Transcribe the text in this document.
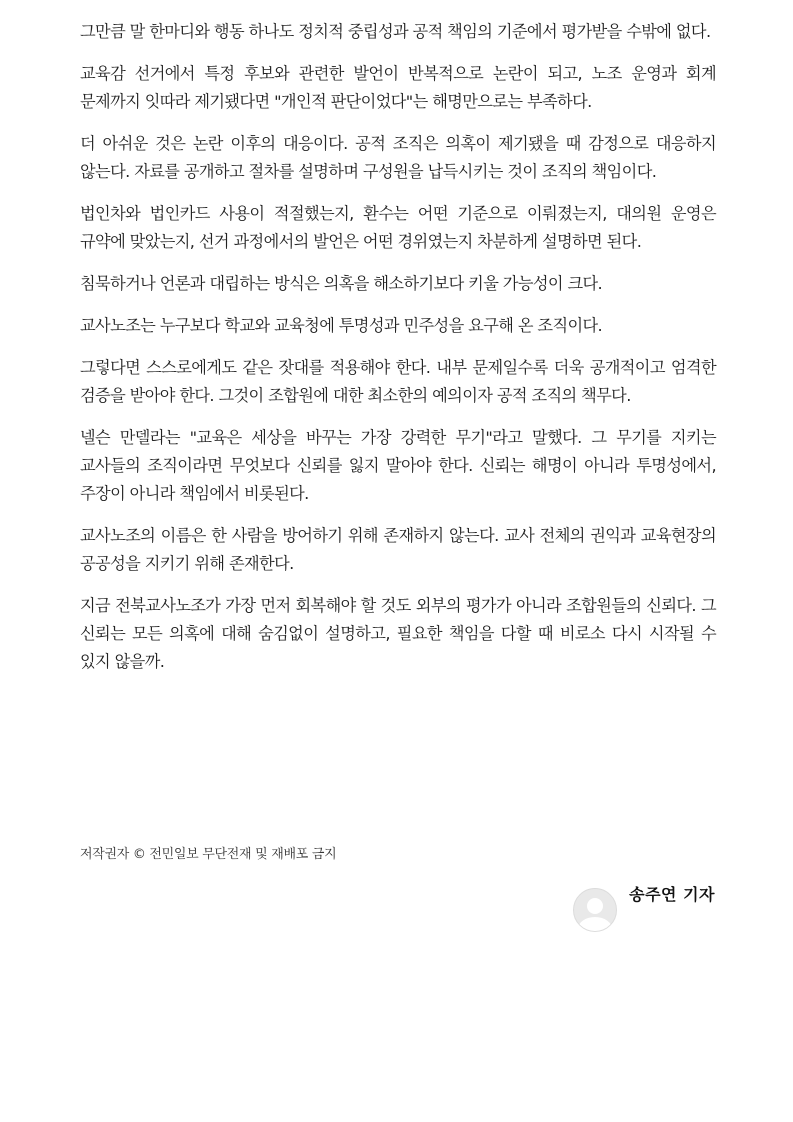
그만큼 말 한마디와 행동 하나도 정치적 중립성과 공적 책임의 기준에서 평가받을 수밖에 없다.

교육감 선거에서 특정 후보와 관련한 발언이 반복적으로 논란이 되고, 노조 운영과 회계 문제까지 잇따라 제기됐다면 "개인적 판단이었다"는 해명만으로는 부족하다.

더 아쉬운 것은 논란 이후의 대응이다. 공적 조직은 의혹이 제기됐을 때 감정으로 대응하지 않는다. 자료를 공개하고 절차를 설명하며 구성원을 납득시키는 것이 조직의 책임이다.

법인차와 법인카드 사용이 적절했는지, 환수는 어떤 기준으로 이뤄졌는지, 대의원 운영은 규약에 맞았는지, 선거 과정에서의 발언은 어떤 경위였는지 차분하게 설명하면 된다.

침묵하거나 언론과 대립하는 방식은 의혹을 해소하기보다 키울 가능성이 크다.

교사노조는 누구보다 학교와 교육청에 투명성과 민주성을 요구해 온 조직이다.

그렇다면 스스로에게도 같은 잣대를 적용해야 한다. 내부 문제일수록 더욱 공개적이고 엄격한 검증을 받아야 한다. 그것이 조합원에 대한 최소한의 예의이자 공적 조직의 책무다.

넬슨 만델라는 "교육은 세상을 바꾸는 가장 강력한 무기"라고 말했다. 그 무기를 지키는 교사들의 조직이라면 무엇보다 신뢰를 잃지 말아야 한다. 신뢰는 해명이 아니라 투명성에서, 주장이 아니라 책임에서 비롯된다.

교사노조의 이름은 한 사람을 방어하기 위해 존재하지 않는다. 교사 전체의 권익과 교육현장의 공공성을 지키기 위해 존재한다.

지금 전북교사노조가 가장 먼저 회복해야 할 것도 외부의 평가가 아니라 조합원들의 신뢰다. 그 신뢰는 모든 의혹에 대해 숨김없이 설명하고, 필요한 책임을 다할 때 비로소 다시 시작될 수 있지 않을까.

저작권자 © 전민일보 무단전재 및 재배포 금지
송주연 기자
